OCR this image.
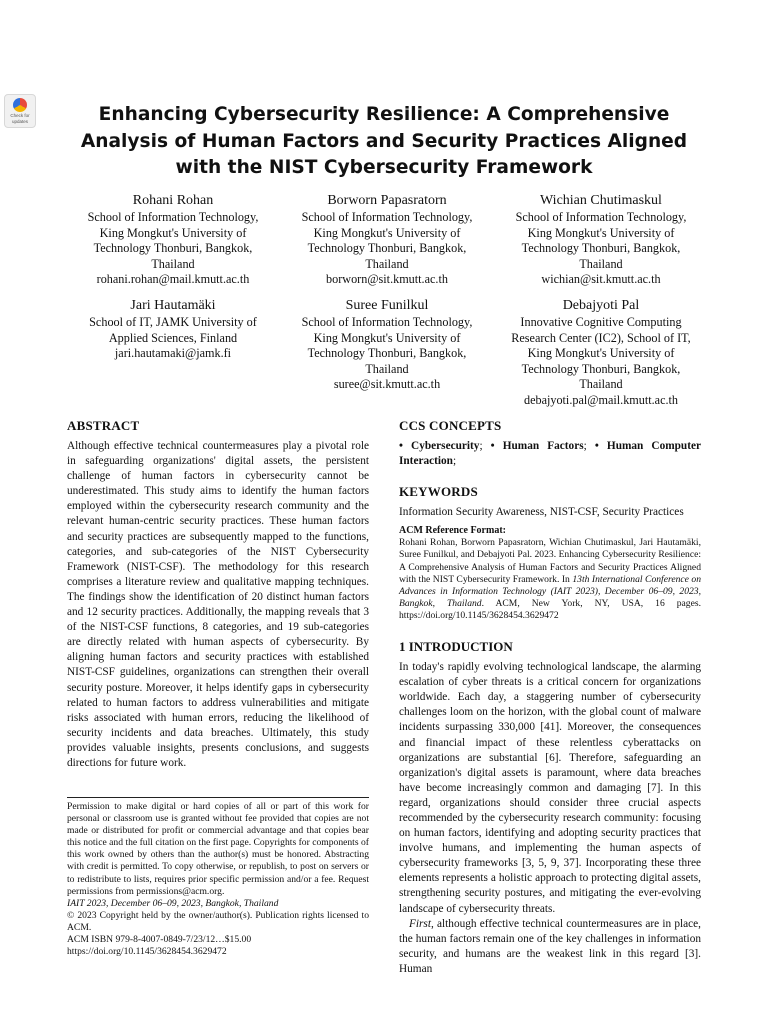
Check for
updates	Enhancing Cybersecurity Resilience: A Comprehensive Analysis of Human Factors and Security Practices Aligned with the NIST Cybersecurity Framework
Rohani Rohan
School of Information Technology,
King Mongkut's University of
Technology Thonburi, Bangkok,
Thailand
rohani.rohan@mail.kmutt.ac.th
Borworn Papasratorn
School of Information Technology,
King Mongkut's University of
Technology Thonburi, Bangkok,
Thailand
borworn@sit.kmutt.ac.th
Wichian Chutimaskul
School of Information Technology,
King Mongkut's University of
Technology Thonburi, Bangkok,
Thailand
wichian@sit.kmutt.ac.th
Jari Hautamäki
School of IT, JAMK University of
Applied Sciences, Finland
jari.hautamaki@jamk.fi
Suree Funilkul
School of Information Technology,
King Mongkut's University of
Technology Thonburi, Bangkok,
Thailand
suree@sit.kmutt.ac.th
Debajyoti Pal
Innovative Cognitive Computing
Research Center (IC2), School of IT,
King Mongkut's University of
Technology Thonburi, Bangkok,
Thailand
debajyoti.pal@mail.kmutt.ac.th
ABSTRACT

Although effective technical countermeasures play a pivotal role in safeguarding organizations' digital assets, the persistent challenge of human factors in cybersecurity cannot be underestimated. This study aims to identify the human factors employed within the cybersecurity research community and the relevant human-centric security practices. These human factors and security practices are subsequently mapped to the functions, categories, and sub-categories of the NIST Cybersecurity Framework (NIST-CSF). The methodology for this research comprises a literature review and qualitative mapping techniques. The findings show the identification of 20 distinct human factors and 12 security practices. Additionally, the mapping reveals that 3 of the NIST-CSF functions, 8 categories, and 19 sub-categories are directly related with human aspects of cybersecurity. By aligning human factors and security practices with established NIST-CSF guidelines, organizations can strengthen their overall security posture. Moreover, it helps identify gaps in cybersecurity related to human factors to address vulnerabilities and mitigate risks associated with human errors, reducing the likelihood of security incidents and data breaches. Ultimately, this study provides valuable insights, presents conclusions, and suggests directions for future work.

Permission to make digital or hard copies of all or part of this work for personal or classroom use is granted without fee provided that copies are not made or distributed for profit or commercial advantage and that copies bear this notice and the full citation on the first page. Copyrights for components of this work owned by others than the author(s) must be honored. Abstracting with credit is permitted. To copy otherwise, or republish, to post on servers or to redistribute to lists, requires prior specific permission and/or a fee. Request permissions from permissions@acm.org.

IAIT 2023, December 06–09, 2023, Bangkok, Thailand

© 2023 Copyright held by the owner/author(s). Publication rights licensed to ACM.

ACM ISBN 979-8-4007-0849-7/23/12…$15.00

https://doi.org/10.1145/3628454.3629472

CCS CONCEPTS

• Cybersecurity; • Human Factors; • Human Computer Interaction;

KEYWORDS

Information Security Awareness, NIST-CSF, Security Practices

ACM Reference Format:

Rohani Rohan, Borworn Papasratorn, Wichian Chutimaskul, Jari Hautamäki, Suree Funilkul, and Debajyoti Pal. 2023. Enhancing Cybersecurity Resilience: A Comprehensive Analysis of Human Factors and Security Practices Aligned with the NIST Cybersecurity Framework. In 13th International Conference on Advances in Information Technology (IAIT 2023), December 06–09, 2023, Bangkok, Thailand. ACM, New York, NY, USA, 16 pages. https://doi.org/10.1145/3628454.3629472

1 INTRODUCTION

In today's rapidly evolving technological landscape, the alarming escalation of cyber threats is a critical concern for organizations worldwide. Each day, a staggering number of cybersecurity challenges loom on the horizon, with the global count of malware incidents surpassing 330,000 [41]. Moreover, the consequences and financial impact of these relentless cyberattacks on organizations are substantial [6]. Therefore, safeguarding an organization's digital assets is paramount, where data breaches have become increasingly common and damaging [7]. In this regard, organizations should consider three crucial aspects recommended by the cybersecurity research community: focusing on human factors, identifying and adopting security practices that involve humans, and implementing the human aspects of cybersecurity frameworks [3, 5, 9, 37]. Incorporating these three elements represents a holistic approach to protecting digital assets, strengthening security postures, and mitigating the ever-evolving landscape of cybersecurity threats.

First, although effective technical countermeasures are in place, the human factors remain one of the key challenges in information security, and humans are the weakest link in this regard [3]. Human
